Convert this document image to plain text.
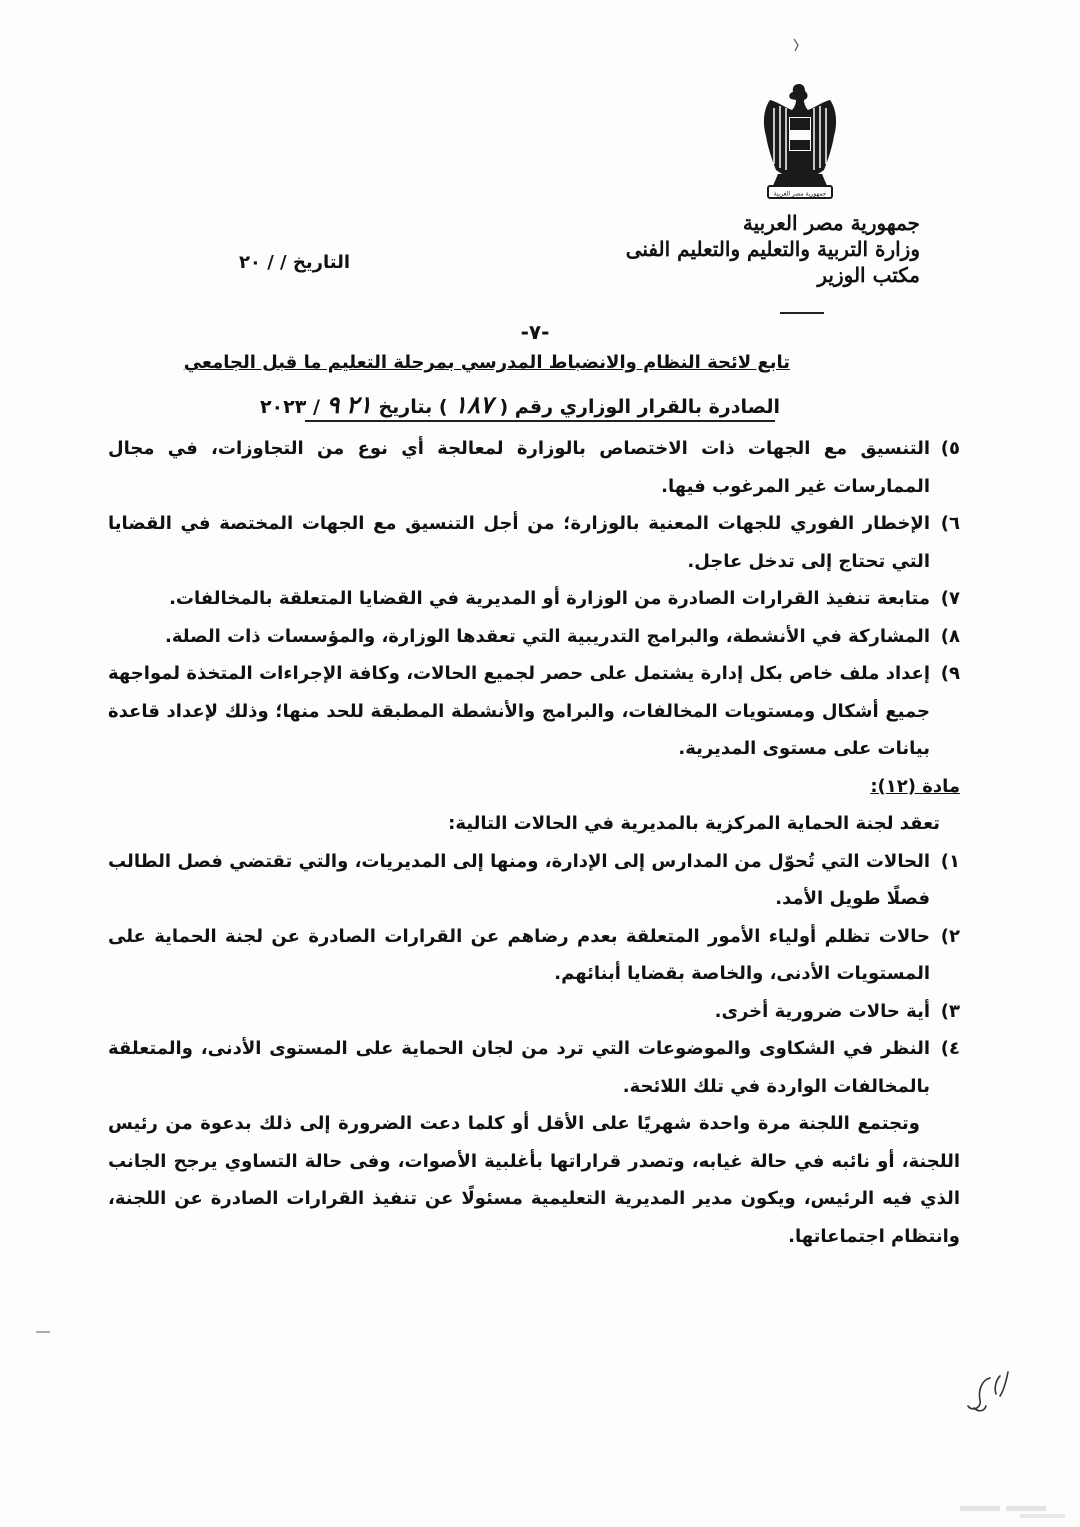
جمهورية مصر العربية
جمهورية مصر العربية
وزارة التربية والتعليم والتعليم الفنى
مكتب الوزير
التاريخ / / ٢٠
-٧-
تابع لائحة النظام والانضباط المدرسي بمرحلة التعليم ما قبل الجامعي
الصادرة بالقرار الوزاري رقم ( ١٨٧ ) بتاريخ ٢١ ٩ / ٢٠٢٣

٥)التنسيق مع الجهات ذات الاختصاص بالوزارة لمعالجة أي نوع من التجاوزات، في مجال الممارسات غير المرغوب فيها.

٦)الإخطار الفوري للجهات المعنية بالوزارة؛ من أجل التنسيق مع الجهات المختصة في القضايا التي تحتاج إلى تدخل عاجل.

٧)متابعة تنفيذ القرارات الصادرة من الوزارة أو المديرية في القضايا المتعلقة بالمخالفات.

٨)المشاركة في الأنشطة، والبرامج التدريبية التي تعقدها الوزارة، والمؤسسات ذات الصلة.

٩)إعداد ملف خاص بكل إدارة يشتمل على حصر لجميع الحالات، وكافة الإجراءات المتخذة لمواجهة جميع أشكال ومستويات المخالفات، والبرامج والأنشطة المطبقة للحد منها؛ وذلك لإعداد قاعدة بيانات على مستوى المديرية.

مادة (١٢):

تعقد لجنة الحماية المركزية بالمديرية في الحالات التالية:

١)الحالات التي تُحوّل من المدارس إلى الإدارة، ومنها إلى المديريات، والتي تقتضي فصل الطالب فصلًا طويل الأمد.

٢)حالات تظلم أولياء الأمور المتعلقة بعدم رضاهم عن القرارات الصادرة عن لجنة الحماية على المستويات الأدنى، والخاصة بقضايا أبنائهم.

٣)أية حالات ضرورية أخرى.

٤)النظر في الشكاوى والموضوعات التي ترد من لجان الحماية على المستوى الأدنى، والمتعلقة بالمخالفات الواردة في تلك اللائحة.

وتجتمع اللجنة مرة واحدة شهريًا على الأقل أو كلما دعت الضرورة إلى ذلك بدعوة من رئيس اللجنة، أو نائبه في حالة غيابه، وتصدر قراراتها بأغلبية الأصوات، وفى حالة التساوي يرجح الجانب الذي فيه الرئيس، ويكون مدير المديرية التعليمية مسئولًا عن تنفيذ القرارات الصادرة عن اللجنة، وانتظام اجتماعاتها.
